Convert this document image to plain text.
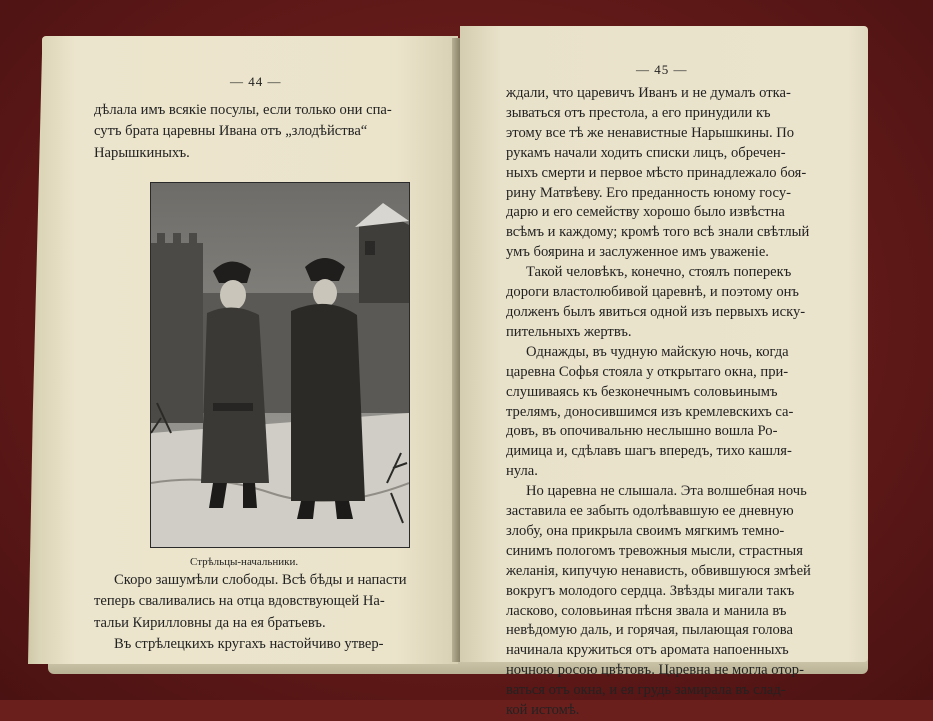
— 44 —
дѣлала имъ всякiе посулы, если только они спа-
сутъ брата царевны Ивана отъ „злодѣйства“
Нарышкиныхъ.
Стрѣльцы-начальники.
Скоро зашумѣли слободы. Всѣ бѣды и напасти
теперь сваливались на отца вдовствующей На-
тальи Кирилловны да на ея братьевъ.
Въ стрѣлецкихъ кругахъ настойчиво утвер-
— 45 —
ждали, что царевичъ Иванъ и не думалъ отка-
зываться отъ престола, а его принудили къ
этому все тѣ же ненавистные Нарышкины. По
рукамъ начали ходить списки лицъ, обречен-
ныхъ смерти и первое мѣсто принадлежало боя-
рину Матвѣеву. Его преданность юному госу-
дарю и его семейству хорошо было извѣстна
всѣмъ и каждому; кромѣ того всѣ знали свѣтлый
умъ боярина и заслуженное имъ уваженiе.
Такой человѣкъ, конечно, стоялъ поперекъ
дороги властолюбивой царевнѣ, и поэтому онъ
долженъ былъ явиться одной изъ первыхъ иску-
пительныхъ жертвъ.
Однажды, въ чудную майскую ночь, когда
царевна Софья стояла у открытаго окна, при-
слушиваясь къ безконечнымъ соловьинымъ
трелямъ, доносившимся изъ кремлевскихъ са-
довъ, въ опочивальню неслышно вошла Ро-
димица и, сдѣлавъ шагъ впередъ, тихо кашля-
нула.
Но царевна не слышала. Эта волшебная ночь
заставила ее забыть одолѣвавшую ее дневную
злобу, она прикрыла своимъ мягкимъ темно-
синимъ пологомъ тревожныя мысли, страстныя
желанiя, кипучую ненависть, обвившуюся змѣей
вокругъ молодого сердца. Звѣзды мигали такъ
ласково, соловьиная пѣсня звала и манила въ
невѣдомую даль, и горячая, пылающая голова
начинала кружиться отъ аромата напоенныхъ
ночною росою цвѣтовъ. Царевна не могла отор-
ваться отъ окна, и ея грудь замирала въ слад-
кой истомѣ.
